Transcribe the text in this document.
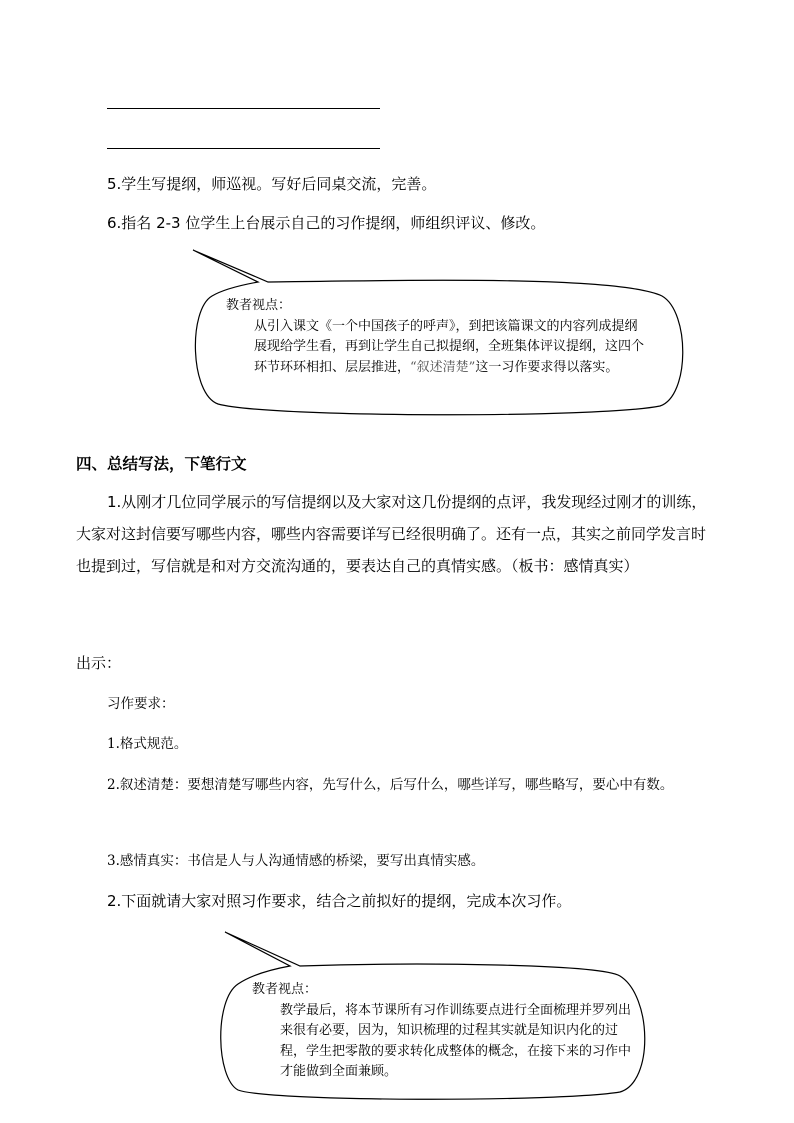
5.学生写提纲，师巡视。写好后同桌交流，完善。
6.指名 2-3 位学生上台展示自己的习作提纲，师组织评议、修改。
教者视点：
从引入课文《一个中国孩子的呼声》，到把该篇课文的内容列成提纲展现给学生看，再到让学生自己拟提纲，全班集体评议提纲，这四个环节环环相扣、层层推进，“叙述清楚”这一习作要求得以落实。
四、总结写法，下笔行文
1.从刚才几位同学展示的写信提纲以及大家对这几份提纲的点评，我发现经过刚才的训练，大家对这封信要写哪些内容，哪些内容需要详写已经很明确了。还有一点，其实之前同学发言时也提到过，写信就是和对方交流沟通的，要表达自己的真情实感。（板书：感情真实）
出示：
习作要求：
1.格式规范。
2.叙述清楚：要想清楚写哪些内容，先写什么，后写什么，哪些详写，哪些略写，要心中有数。
3.感情真实：书信是人与人沟通情感的桥梁，要写出真情实感。
2.下面就请大家对照习作要求，结合之前拟好的提纲，完成本次习作。
教者视点：
教学最后，将本节课所有习作训练要点进行全面梳理并罗列出来很有必要，因为，知识梳理的过程其实就是知识内化的过程，学生把零散的要求转化成整体的概念，在接下来的习作中才能做到全面兼顾。
